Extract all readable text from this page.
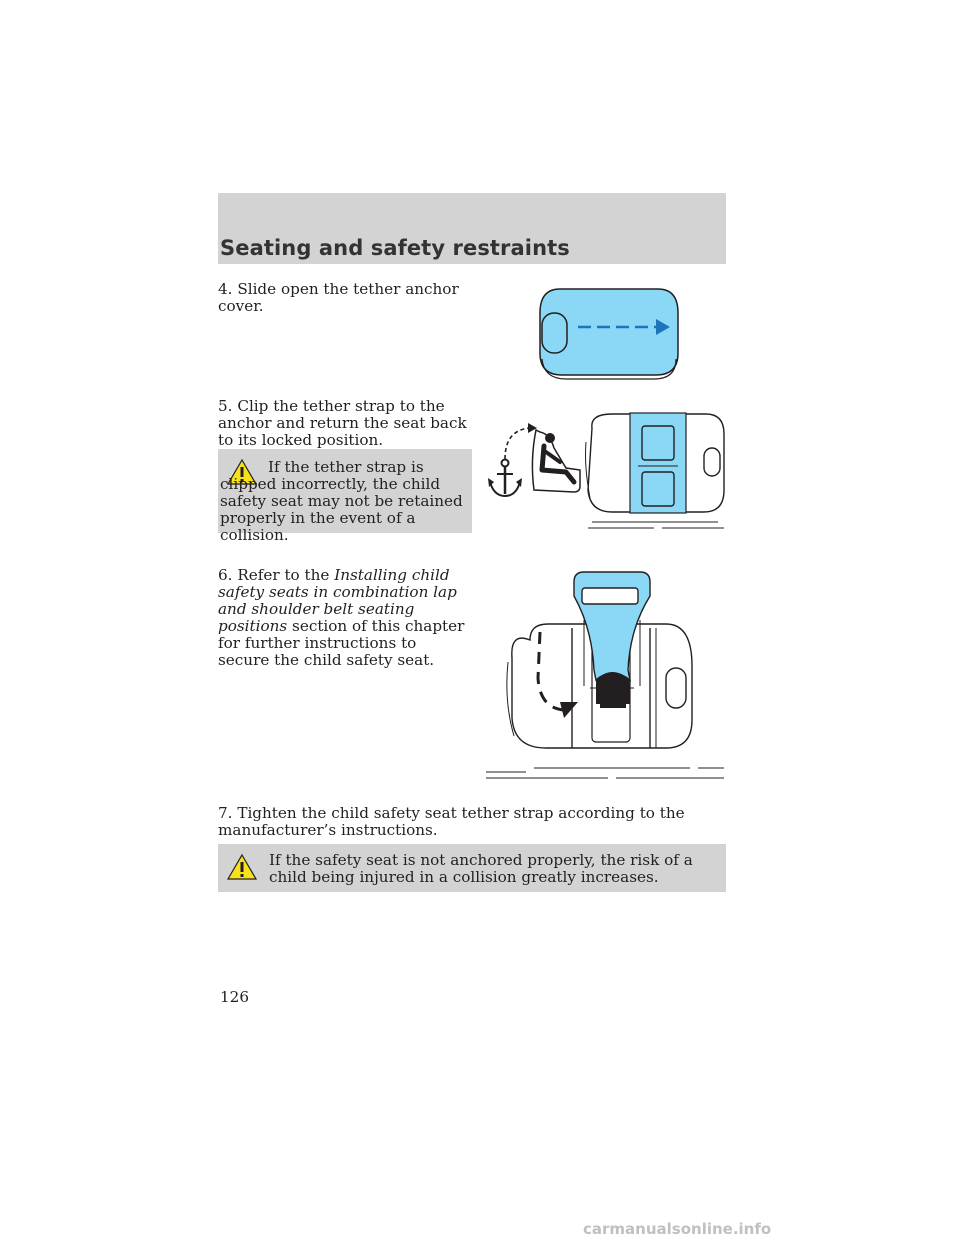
Seating and safety restraints

4. Slide open the tether anchor cover.

5. Clip the tether strap to the anchor and return the seat back to its locked position.

If the tether strap is clipped incorrectly, the child safety seat may not be retained properly in the event of a collision.

6. Refer to the Installing child safety seats in combination lap and shoulder belt seating positions section of this chapter for further instructions to secure the child safety seat.

7. Tighten the child safety seat tether strap according to the manufacturer’s instructions.

If the safety seat is not anchored properly, the risk of a child being injured in a collision greatly increases.

126
carmanualsonline.info
